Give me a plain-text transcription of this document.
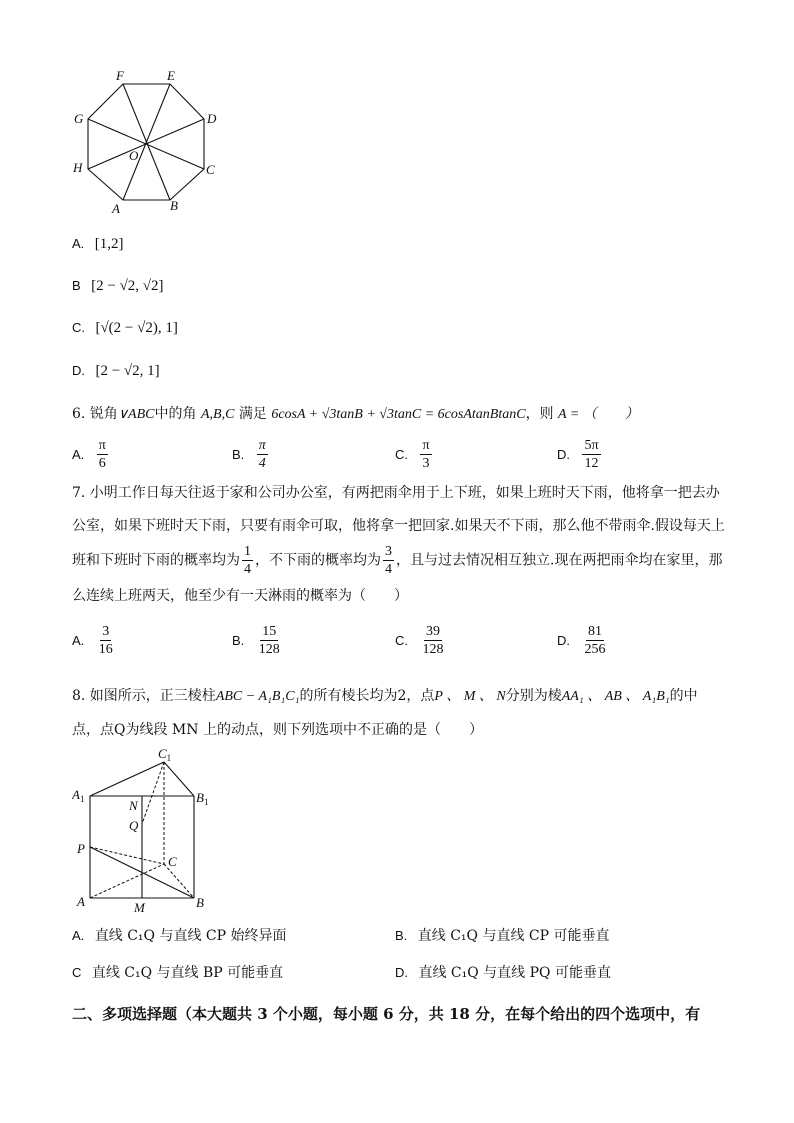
F	E
G	D
O
H	C
A	B
A. [1,2]
B [2 − √2, √2]
C. [√(2 − √2), 1]
D. [2 − √2, 1]
6. 锐角∨ABC中的角 A,B,C 满足 6cosA + √3tanB + √3tanC = 6cosAtanBtanC，则 A = （　　）
A. $\frac{\pi}{6}$	B. $\frac{\pi}{4}$	C. $\frac{\pi}{3}$	D. $\frac{5\pi}{12}$
7. 小明工作日每天往返于家和公司办公室，有两把雨伞用于上下班，如果上班时天下雨，他将拿一把去办
公室，如果下班时天下雨，只要有雨伞可取，他将拿一把回家.如果天不下雨，那么他不带雨伞.假设每天上
班和下班时下雨的概率均为 $\frac{1}{4}$ ，不下雨的概率均为 $\frac{3}{4}$ ，且与过去情况相互独立.现在两把雨伞均在家里，那
么连续上班两天，他至少有一天淋雨的概率为（　　）
A. $\frac{3}{16}$	B. $\frac{15}{128}$	C. $\frac{39}{128}$	D. $\frac{81}{256}$
8. 如图所示，正三棱柱ABC − A₁B₁C₁的所有棱长均为2，点P 、 M 、 N分别为棱AA₁ 、 AB 、 A₁B₁的中
点，点Q为线段 MN 上的动点，则下列选项中不正确的是（　　）
$C_1$
$A_1$	$B_1$
N
Q
P
C
A	M	B
A. 直线 C₁Q 与直线 CP 始终异面	B. 直线 C₁Q 与直线 CP 可能垂直
C 直线 C₁Q 与直线 BP 可能垂直	D. 直线 C₁Q 与直线 PQ 可能垂直
二、多项选择题（本大题共 3 个小题，每小题 6 分，共 18 分，在每个给出的四个选项中，有
